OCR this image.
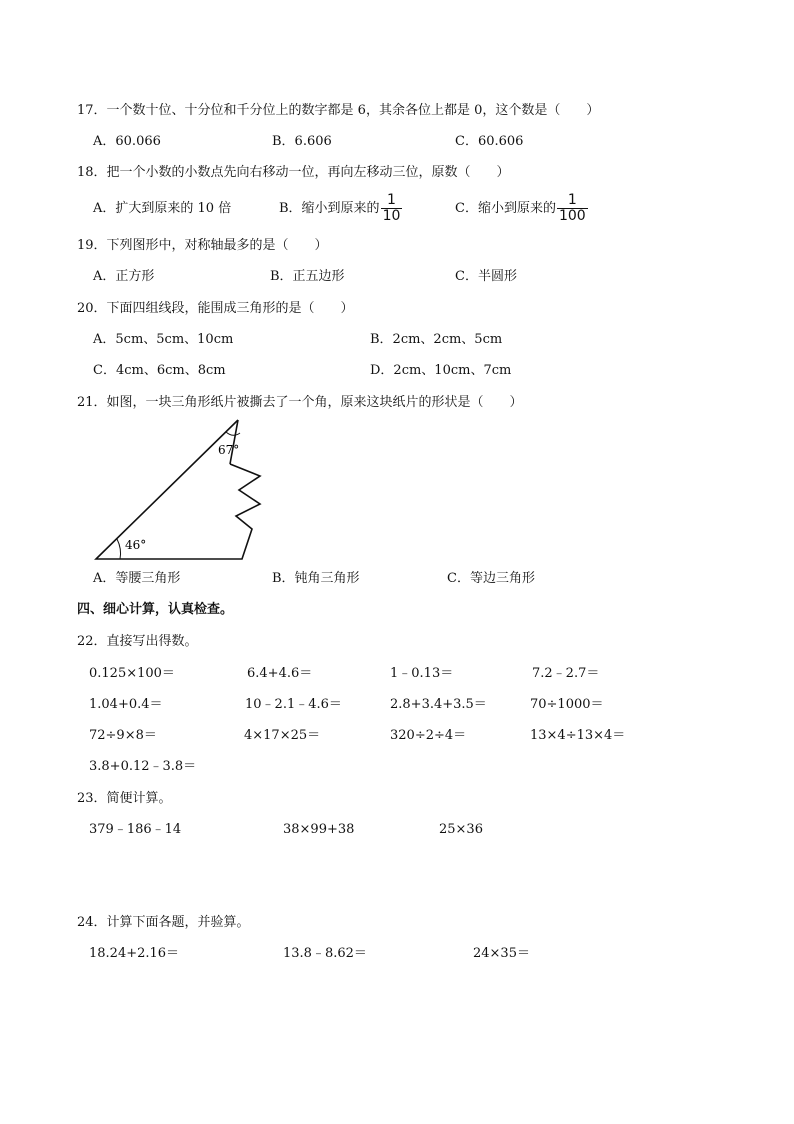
17．一个数十位、十分位和千分位上的数字都是 6，其余各位上都是 0，这个数是（　　）
A．60.066	B．6.606	C．60.606
18．把一个小数的小数点先向右移动一位，再向左移动三位，原数（　　）
A．扩大到原来的 10 倍	B．缩小到原来的 $\frac{1}{10}$	C．缩小到原来的 $\frac{1}{100}$
19．下列图形中，对称轴最多的是（　　）
A．正方形	B．正五边形	C．半圆形
20．下面四组线段，能围成三角形的是（　　）
A．5cm、5cm、10cm	B．2cm、2cm、5cm
C．4cm、6cm、8cm	D．2cm、10cm、7cm
21．如图，一块三角形纸片被撕去了一个角，原来这块纸片的形状是（　　）
67°
46°
A．等腰三角形	B．钝角三角形	C．等边三角形
四、细心计算，认真检查。
22．直接写出得数。
0.125×100＝	6.4+4.6＝	1﹣0.13＝	7.2﹣2.7＝
1.04+0.4＝	10﹣2.1﹣4.6＝	2.8+3.4+3.5＝	70÷1000＝
72÷9×8＝	4×17×25＝	320÷2÷4＝	13×4÷13×4＝
3.8+0.12﹣3.8＝
23．简便计算。
379﹣186﹣14	38×99+38	25×36
24．计算下面各题，并验算。
18.24+2.16＝	13.8﹣8.62＝	24×35＝
